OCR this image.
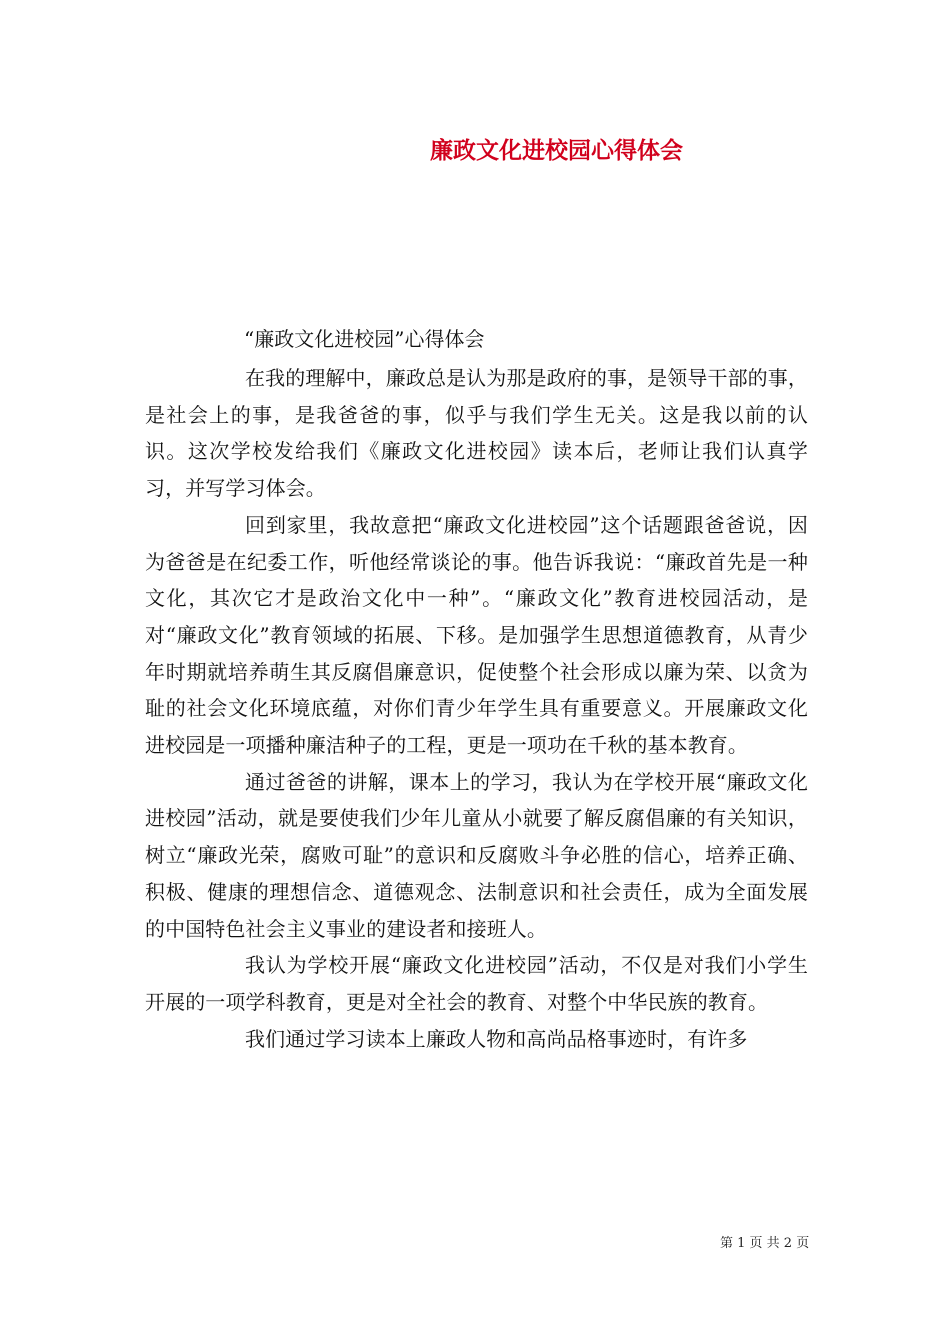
廉政文化进校园心得体会

“廉政文化进校园”心得体会

在我的理解中，廉政总是认为那是政府的事，是领导干部的事，是社会上的事，是我爸爸的事，似乎与我们学生无关。这是我以前的认识。这次学校发给我们《廉政文化进校园》读本后，老师让我们认真学习，并写学习体会。

回到家里，我故意把“廉政文化进校园”这个话题跟爸爸说，因为爸爸是在纪委工作，听他经常谈论的事。他告诉我说：“廉政首先是一种文化，其次它才是政治文化中一种”。“廉政文化”教育进校园活动，是对“廉政文化”教育领域的拓展、下移。是加强学生思想道德教育，从青少年时期就培养萌生其反腐倡廉意识，促使整个社会形成以廉为荣、以贪为耻的社会文化环境底蕴，对你们青少年学生具有重要意义。开展廉政文化进校园是一项播种廉洁种子的工程，更是一项功在千秋的基本教育。

通过爸爸的讲解，课本上的学习，我认为在学校开展“廉政文化进校园”活动，就是要使我们少年儿童从小就要了解反腐倡廉的有关知识，树立“廉政光荣，腐败可耻”的意识和反腐败斗争必胜的信心，培养正确、积极、健康的理想信念、道德观念、法制意识和社会责任，成为全面发展的中国特色社会主义事业的建设者和接班人。

我认为学校开展“廉政文化进校园”活动，不仅是对我们小学生开展的一项学科教育，更是对全社会的教育、对整个中华民族的教育。

我们通过学习读本上廉政人物和高尚品格事迹时，有许多

第 1 页 共 2 页
